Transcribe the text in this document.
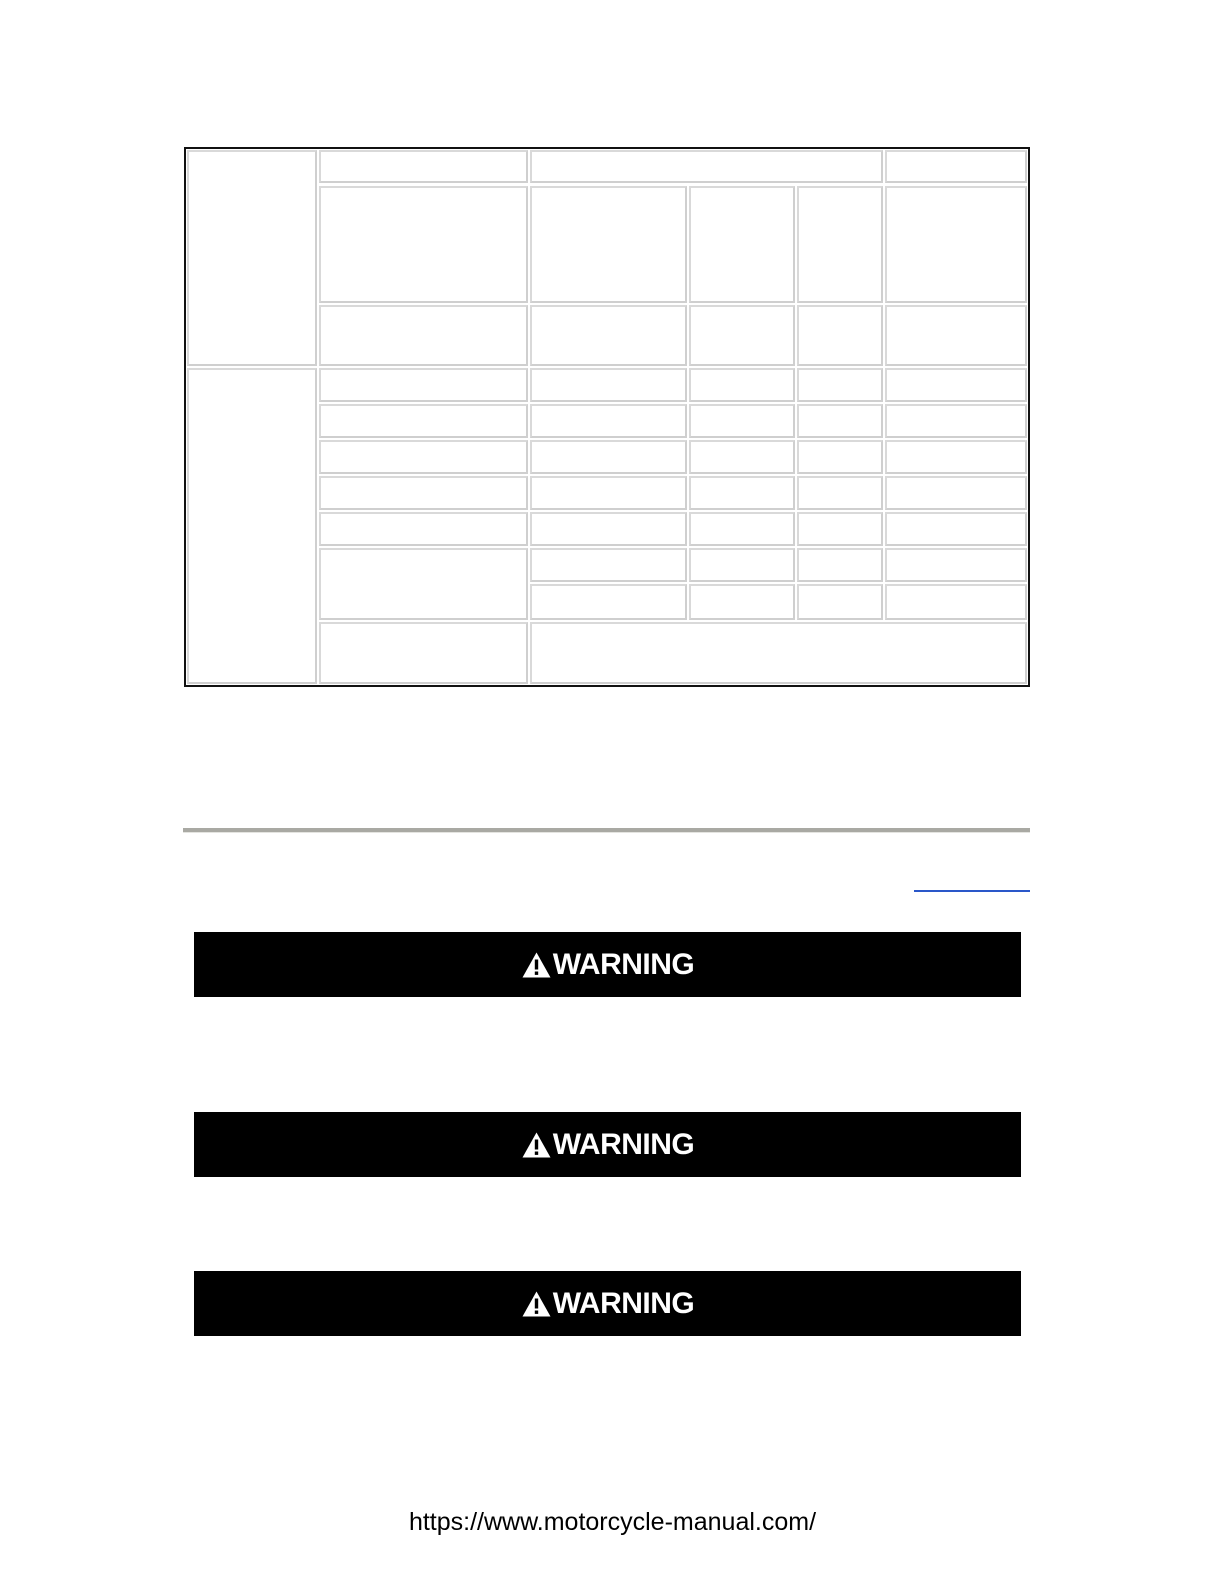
WARNING
WARNING
WARNING
https://www.motorcycle-manual.com/
